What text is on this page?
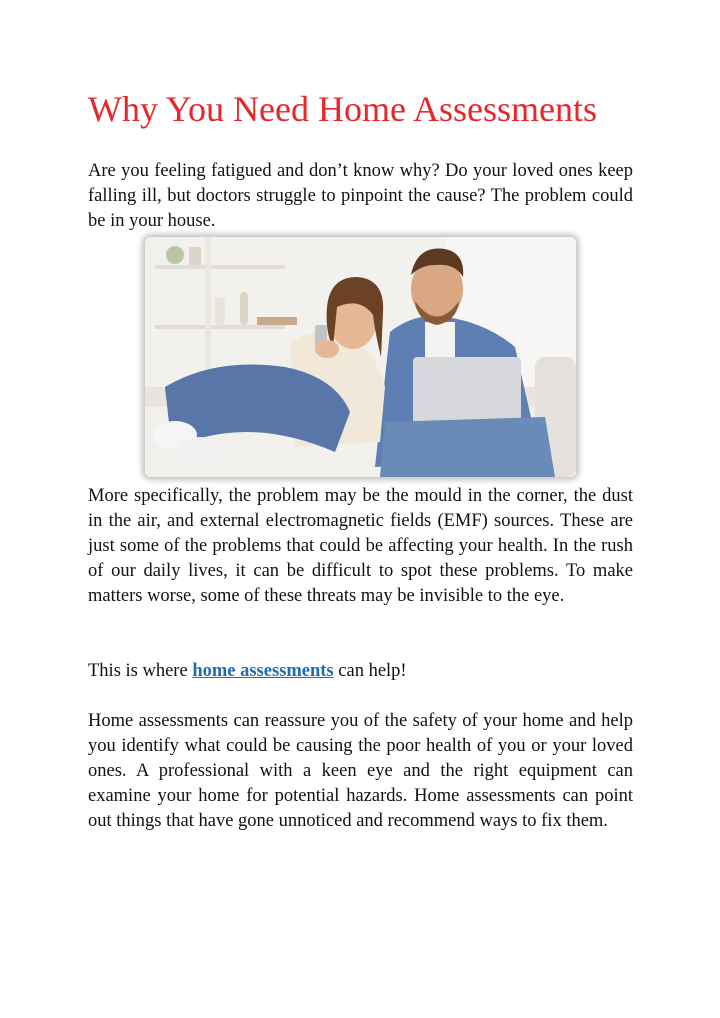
Why You Need Home Assessments

Are you feeling fatigued and don’t know why? Do your loved ones keep falling ill, but doctors struggle to pinpoint the cause? The problem could be in your house.

More specifically, the problem may be the mould in the corner, the dust in the air, and external electromagnetic fields (EMF) sources. These are just some of the problems that could be affecting your health. In the rush of our daily lives, it can be difficult to spot these problems. To make matters worse, some of these threats may be invisible to the eye.

This is where home assessments can help!

Home assessments can reassure you of the safety of your home and help you identify what could be causing the poor health of you or your loved ones. A professional with a keen eye and the right equipment can examine your home for potential hazards. Home assessments can point out things that have gone unnoticed and recommend ways to fix them.
